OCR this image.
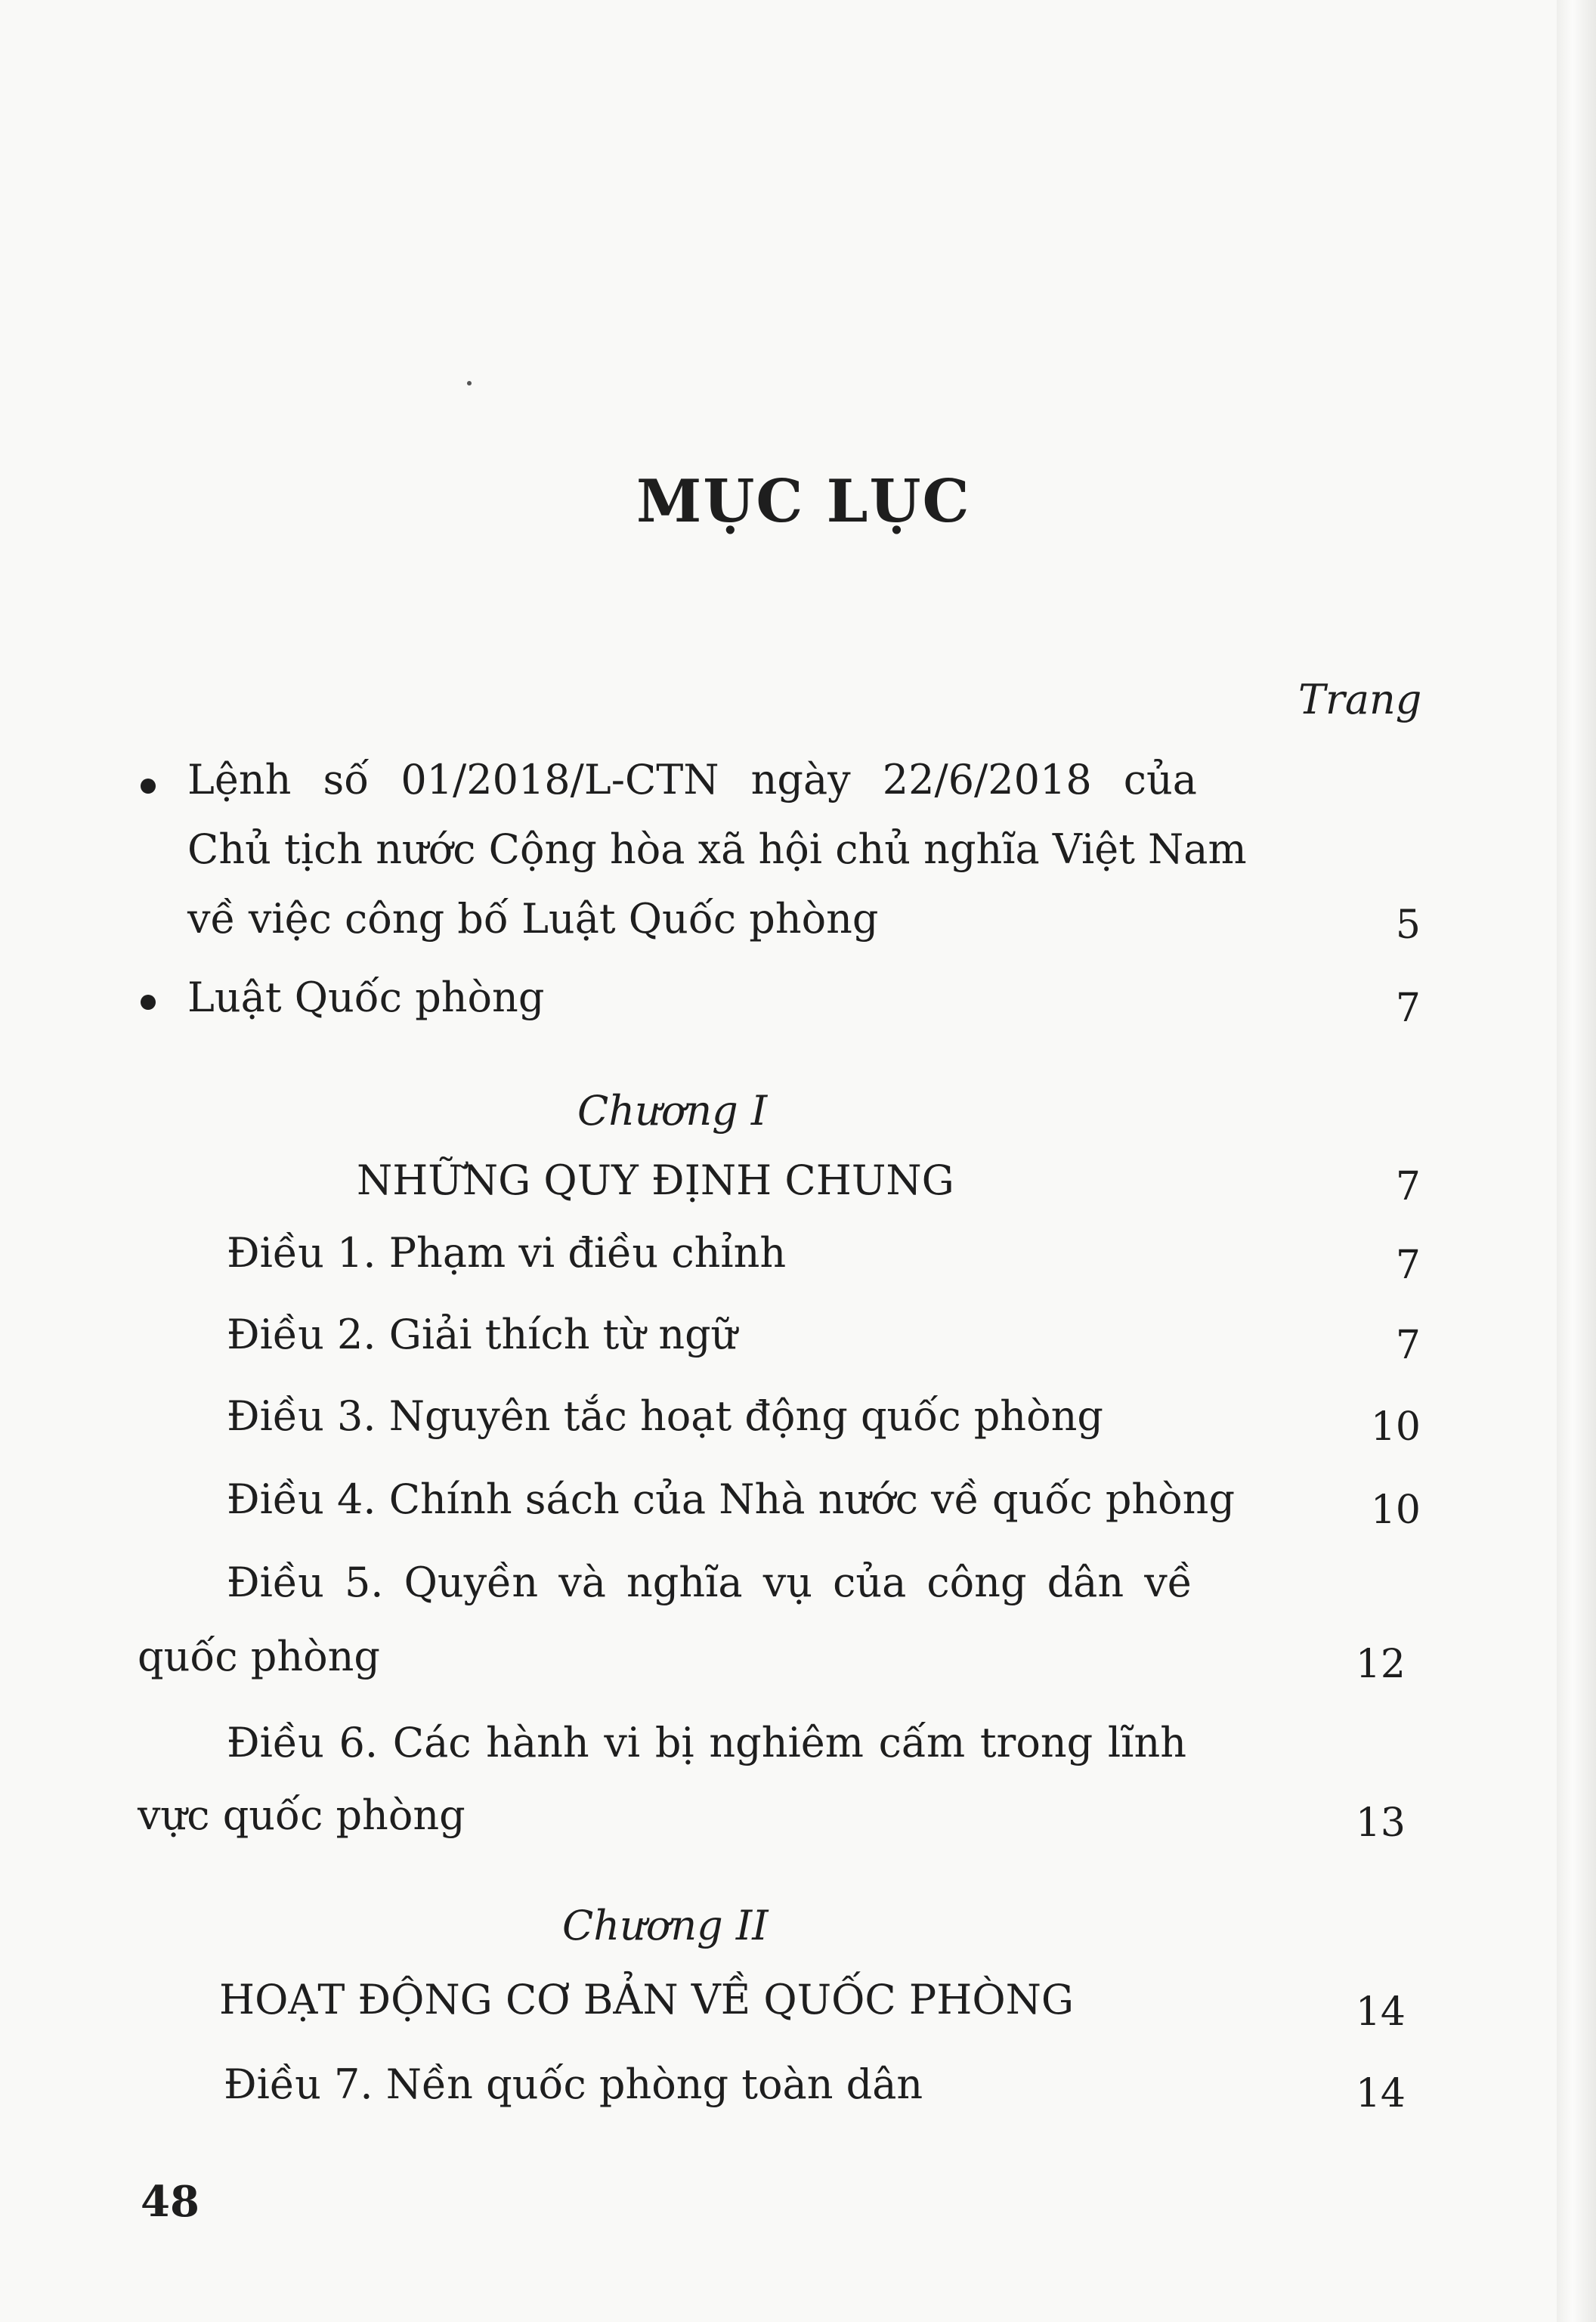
MỤC LỤC
Trang
Lệnh số 01/2018/L-CTN ngày 22/6/2018 của
Chủ tịch nước Cộng hòa xã hội chủ nghĩa Việt Nam
về việc công bố Luật Quốc phòng	5
Luật Quốc phòng	7
Chương I
NHỮNG QUY ĐỊNH CHUNG	7
Điều 1. Phạm vi điều chỉnh	7
Điều 2. Giải thích từ ngữ	7
Điều 3. Nguyên tắc hoạt động quốc phòng	10
Điều 4. Chính sách của Nhà nước về quốc phòng	10
Điều 5. Quyền và nghĩa vụ của công dân về
quốc phòng	12
Điều 6. Các hành vi bị nghiêm cấm trong lĩnh
vực quốc phòng	13
Chương II
HOẠT ĐỘNG CƠ BẢN VỀ QUỐC PHÒNG	14
Điều 7. Nền quốc phòng toàn dân	14
48
